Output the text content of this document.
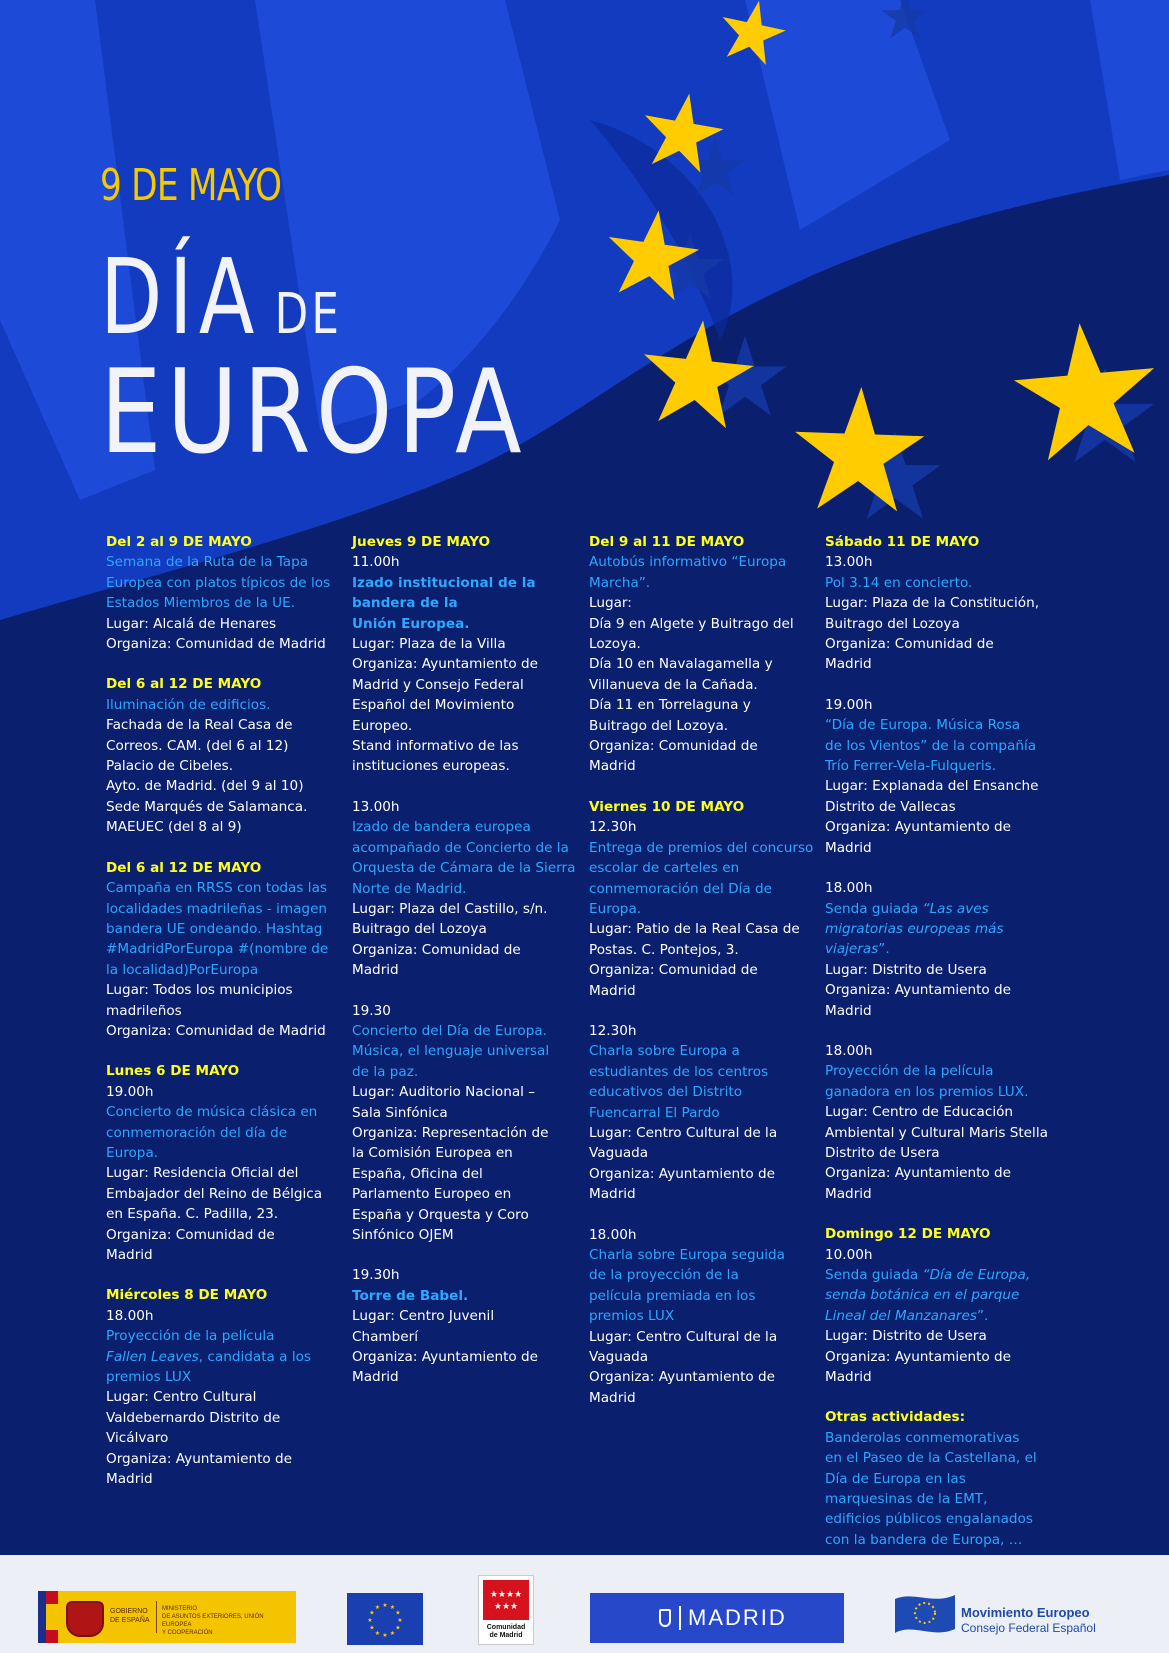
9 DE MAYO
DÍA DE
EUROPA
Del 2 al 9 DE MAYO
Semana de la Ruta de la Tapa
Europea con platos típicos de los
Estados Miembros de la UE.
Lugar: Alcalá de Henares
Organiza: Comunidad de Madrid
Del 6 al 12 DE MAYO
Iluminación de edificios.
Fachada de la Real Casa de
Correos. CAM. (del 6 al 12)
Palacio de Cibeles.
Ayto. de Madrid. (del 9 al 10)
Sede Marqués de Salamanca.
MAEUEC (del 8 al 9)
Del 6 al 12 DE MAYO
Campaña en RRSS con todas las
localidades madrileñas - imagen
bandera UE ondeando. Hashtag
#MadridPorEuropa #(nombre de
la localidad)PorEuropa
Lugar: Todos los municipios
madrileños
Organiza: Comunidad de Madrid
Lunes 6 DE MAYO
19.00h
Concierto de música clásica en
conmemoración del día de
Europa.
Lugar: Residencia Oficial del
Embajador del Reino de Bélgica
en España. C. Padilla, 23.
Organiza: Comunidad de
Madrid
Miércoles 8 DE MAYO
18.00h
Proyección de la película
Fallen Leaves, candidata a los
premios LUX
Lugar: Centro Cultural
Valdebernardo Distrito de
Vicálvaro
Organiza: Ayuntamiento de
Madrid
Jueves 9 DE MAYO
11.00h
Izado institucional de la
bandera de la
Unión Europea.
Lugar: Plaza de la Villa
Organiza: Ayuntamiento de
Madrid y Consejo Federal
Español del Movimiento
Europeo.
Stand informativo de las
instituciones europeas.
13.00h
Izado de bandera europea
acompañado de Concierto de la
Orquesta de Cámara de la Sierra
Norte de Madrid.
Lugar: Plaza del Castillo, s/n.
Buitrago del Lozoya
Organiza: Comunidad de
Madrid
19.30
Concierto del Día de Europa.
Música, el lenguaje universal
de la paz.
Lugar: Auditorio Nacional –
Sala Sinfónica
Organiza: Representación de
la Comisión Europea en
España, Oficina del
Parlamento Europeo en
España y Orquesta y Coro
Sinfónico OJEM
19.30h
Torre de Babel.
Lugar: Centro Juvenil
Chamberí
Organiza: Ayuntamiento de
Madrid
Del 9 al 11 DE MAYO
Autobús informativo “Europa
Marcha”.
Lugar:
Día 9 en Algete y Buitrago del
Lozoya.
Día 10 en Navalagamella y
Villanueva de la Cañada.
Día 11 en Torrelaguna y
Buitrago del Lozoya.
Organiza: Comunidad de
Madrid
Viernes 10 DE MAYO
12.30h
Entrega de premios del concurso
escolar de carteles en
conmemoración del Día de
Europa.
Lugar: Patio de la Real Casa de
Postas. C. Pontejos, 3.
Organiza: Comunidad de
Madrid
12.30h
Charla sobre Europa a
estudiantes de los centros
educativos del Distrito
Fuencarral El Pardo
Lugar: Centro Cultural de la
Vaguada
Organiza: Ayuntamiento de
Madrid
18.00h
Charla sobre Europa seguida
de la proyección de la
película premiada en los
premios LUX
Lugar: Centro Cultural de la
Vaguada
Organiza: Ayuntamiento de
Madrid
Sábado 11 DE MAYO
13.00h
Pol 3.14 en concierto.
Lugar: Plaza de la Constitución,
Buitrago del Lozoya
Organiza: Comunidad de
Madrid
19.00h
“Día de Europa. Música Rosa
de los Vientos” de la compañía
Trío Ferrer-Vela-Fulqueris.
Lugar: Explanada del Ensanche
Distrito de Vallecas
Organiza: Ayuntamiento de
Madrid
18.00h
Senda guiada “Las aves
migratorias europeas más
viajeras”.
Lugar: Distrito de Usera
Organiza: Ayuntamiento de
Madrid
18.00h
Proyección de la película
ganadora en los premios LUX.
Lugar: Centro de Educación
Ambiental y Cultural Maris Stella
Distrito de Usera
Organiza: Ayuntamiento de
Madrid
Domingo 12 DE MAYO
10.00h
Senda guiada “Día de Europa,
senda botánica en el parque
Lineal del Manzanares”.
Lugar: Distrito de Usera
Organiza: Ayuntamiento de
Madrid
Otras actividades:
Banderolas conmemorativas
en el Paseo de la Castellana, el
Día de Europa en las
marquesinas de la EMT,
edificios públicos engalanados
con la bandera de Europa, …
GOBIERNO
DE ESPAÑA
MINISTERIO
DE ASUNTOS EXTERIORES, UNIÓN EUROPEA
Y COOPERACIÓN
★
★
★
★
★
★
★
★
★ ★ ★
★
★★★★
★★★
Comunidad
de Madrid
MADRID	Movimiento Europeo
Consejo Federal Español
